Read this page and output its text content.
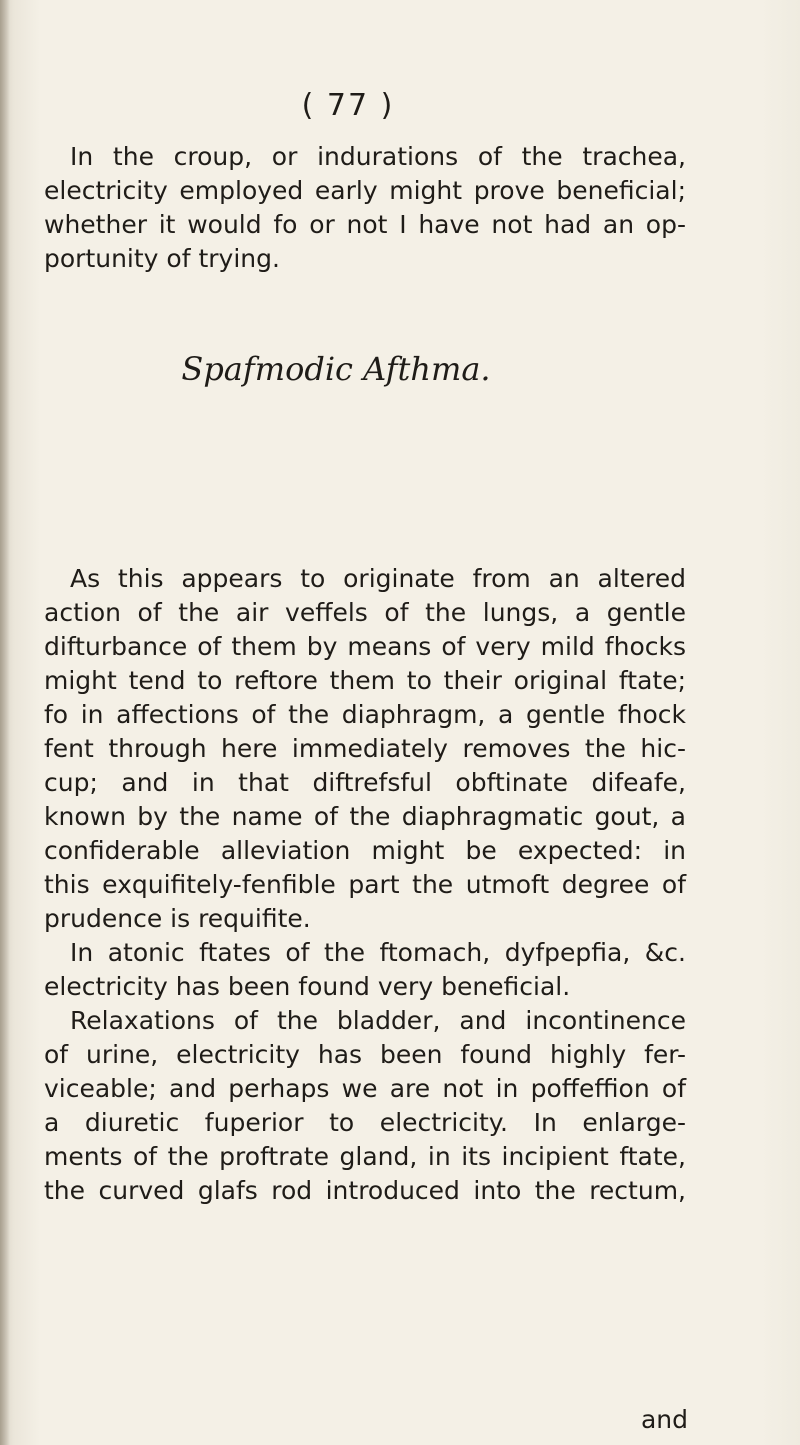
( 77 )

In the croup, or indurations of the trachea,
electricity employed early might prove beneficial;
whether it would fo or not I have not had an op-
portunity of trying.

Spafmodic Afthma.

As this appears to originate from an altered
action of the air veffels of the lungs, a gentle
difturbance of them by means of very mild fhocks
might tend to reftore them to their original ftate;
fo in affections of the diaphragm, a gentle fhock
fent through here immediately removes the hic-
cup; and in that diftrefsful obftinate difeafe,
known by the name of the diaphragmatic gout, a
confiderable alleviation might be expected: in
this exquifitely-fenfible part the utmoft degree of
prudence is requifite.

In atonic ftates of the ftomach, dyfpepfia, &c.
electricity has been found very beneficial.

Relaxations of the bladder, and incontinence
of urine, electricity has been found highly fer-
viceable; and perhaps we are not in poffeffion of
a diuretic fuperior to electricity. In enlarge-
ments of the proftrate gland, in its incipient ftate,
the curved glafs rod introduced into the rectum,

and
